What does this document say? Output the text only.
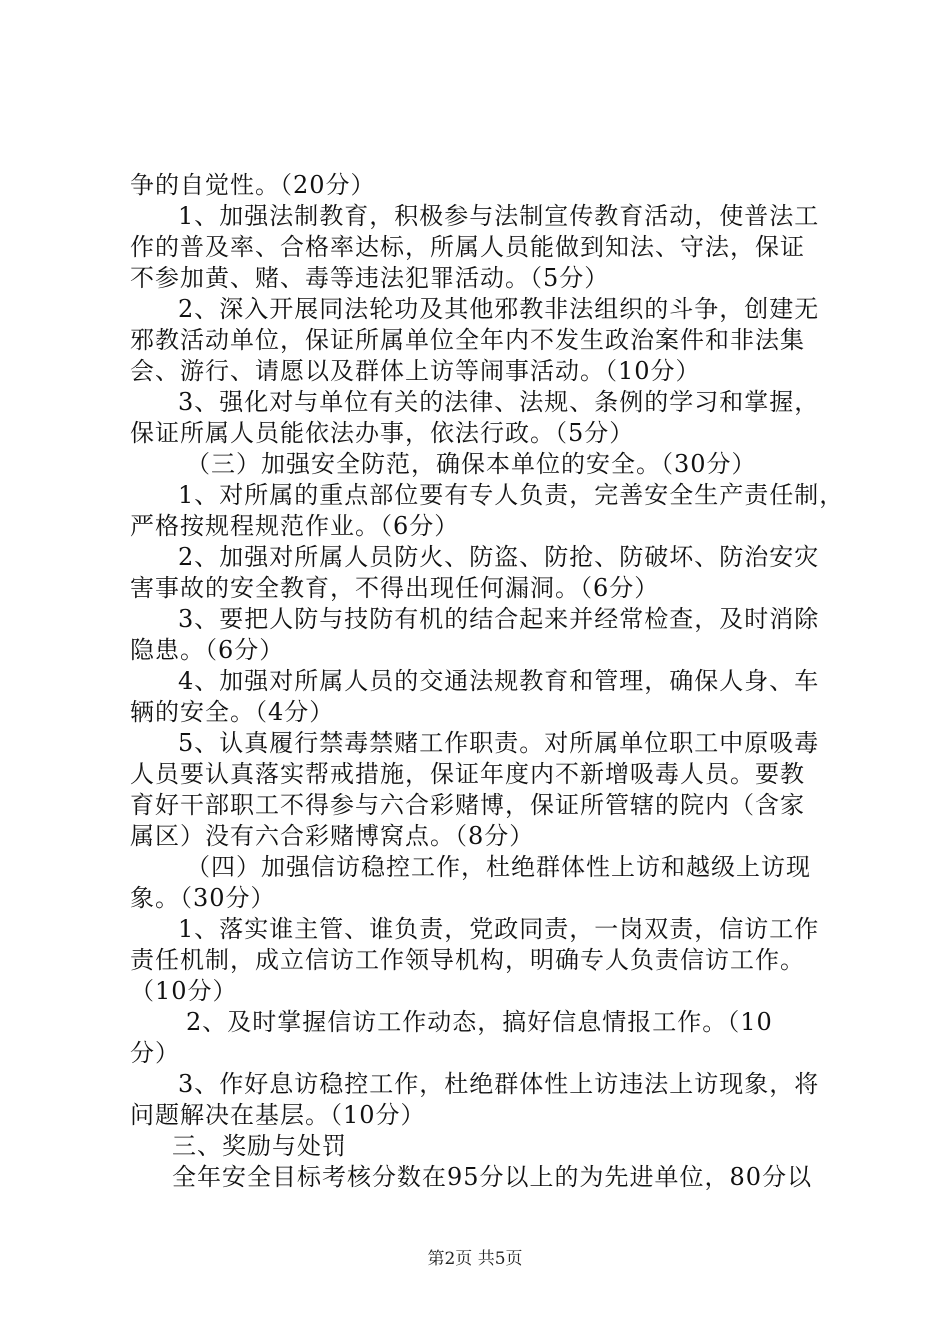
争的自觉性。（20分）
1、加强法制教育，积极参与法制宣传教育活动，使普法工
作的普及率、合格率达标，所属人员能做到知法、守法，保证
不参加黄、赌、毒等违法犯罪活动。（5分）
2、深入开展同法轮功及其他邪教非法组织的斗争，创建无
邪教活动单位，保证所属单位全年内不发生政治案件和非法集
会、游行、请愿以及群体上访等闹事活动。（10分）
3、强化对与单位有关的法律、法规、条例的学习和掌握，
保证所属人员能依法办事，依法行政。（5分）
（三）加强安全防范，确保本单位的安全。（30分）
1、对所属的重点部位要有专人负责，完善安全生产责任制，
严格按规程规范作业。（6分）
2、加强对所属人员防火、防盗、防抢、防破坏、防治安灾
害事故的安全教育，不得出现任何漏洞。（6分）
3、要把人防与技防有机的结合起来并经常检查，及时消除
隐患。（6分）
4、加强对所属人员的交通法规教育和管理，确保人身、车
辆的安全。（4分）
5、认真履行禁毒禁赌工作职责。对所属单位职工中原吸毒
人员要认真落实帮戒措施，保证年度内不新增吸毒人员。要教
育好干部职工不得参与六合彩赌博，保证所管辖的院内（含家
属区）没有六合彩赌博窝点。（8分）
（四）加强信访稳控工作，杜绝群体性上访和越级上访现
象。（30分）
1、落实谁主管、谁负责，党政同责，一岗双责，信访工作
责任机制，成立信访工作领导机构，明确专人负责信访工作。
（10分）
2、及时掌握信访工作动态，搞好信息情报工作。（10
分）
3、作好息访稳控工作，杜绝群体性上访违法上访现象，将
问题解决在基层。（10分）
三、奖励与处罚
全年安全目标考核分数在95分以上的为先进单位，80分以
第2页 共5页
